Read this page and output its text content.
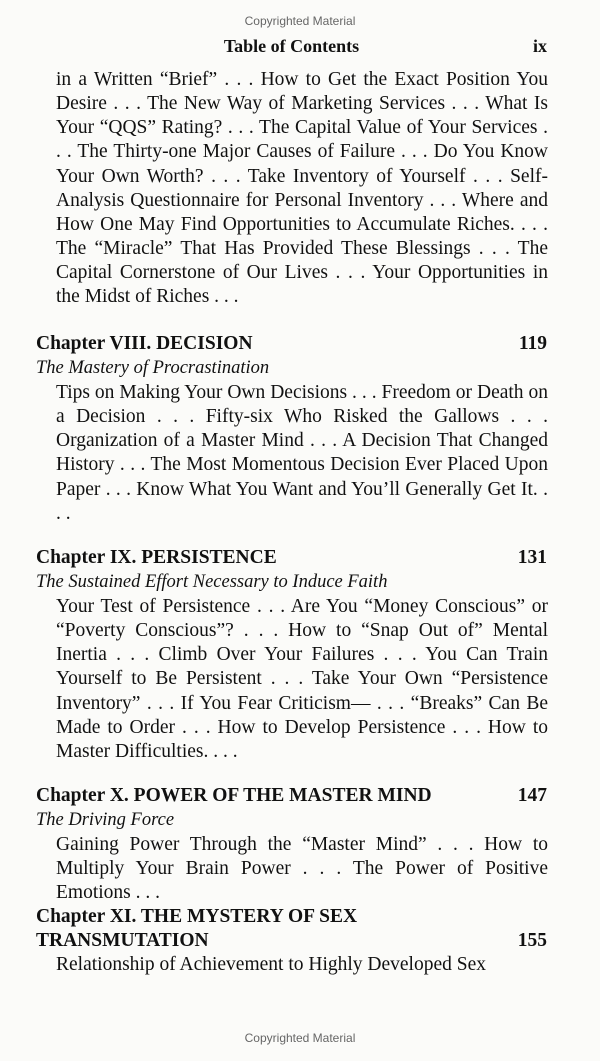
Copyrighted Material
Table of Contents	ix
in a Written “Brief” . . . How to Get the Exact Position You Desire . . . The New Way of Marketing Services . . . What Is Your “QQS” Rating? . . . The Capital Value of Your Services . . . The Thirty-one Major Causes of Failure . . . Do You Know Your Own Worth? . . . Take Inventory of Yourself . . . Self-Analysis Questionnaire for Personal Inventory . . . Where and How One May Find Opportunities to Accumulate Riches. . . . The “Miracle” That Has Provided These Blessings . . . The Capital Cornerstone of Our Lives . . . Your Opportunities in the Midst of Riches . . .
Chapter VIII. DECISION	119
The Mastery of Procrastination
Tips on Making Your Own Decisions . . . Freedom or Death on a Decision . . . Fifty-six Who Risked the Gallows . . . Organization of a Master Mind . . . A Decision That Changed History . . . The Most Momentous Decision Ever Placed Upon Paper . . . Know What You Want and You’ll Generally Get It. . . .
Chapter IX. PERSISTENCE	131
The Sustained Effort Necessary to Induce Faith
Your Test of Persistence . . . Are You “Money Conscious” or “Poverty Conscious”? . . . How to “Snap Out of” Mental Inertia . . . Climb Over Your Failures . . . You Can Train Yourself to Be Persistent . . . Take Your Own “Persistence Inventory” . . . If You Fear Criticism— . . . “Breaks” Can Be Made to Order . . . How to Develop Persistence . . . How to Master Difficulties. . . .
Chapter X. POWER OF THE MASTER MIND	147
The Driving Force
Gaining Power Through the “Master Mind” . . . How to Multiply Your Brain Power . . . The Power of Positive Emotions . . .
Chapter XI. THE MYSTERY OF SEX TRANSMUTATION	155
Relationship of Achievement to Highly Developed Sex
Copyrighted Material
